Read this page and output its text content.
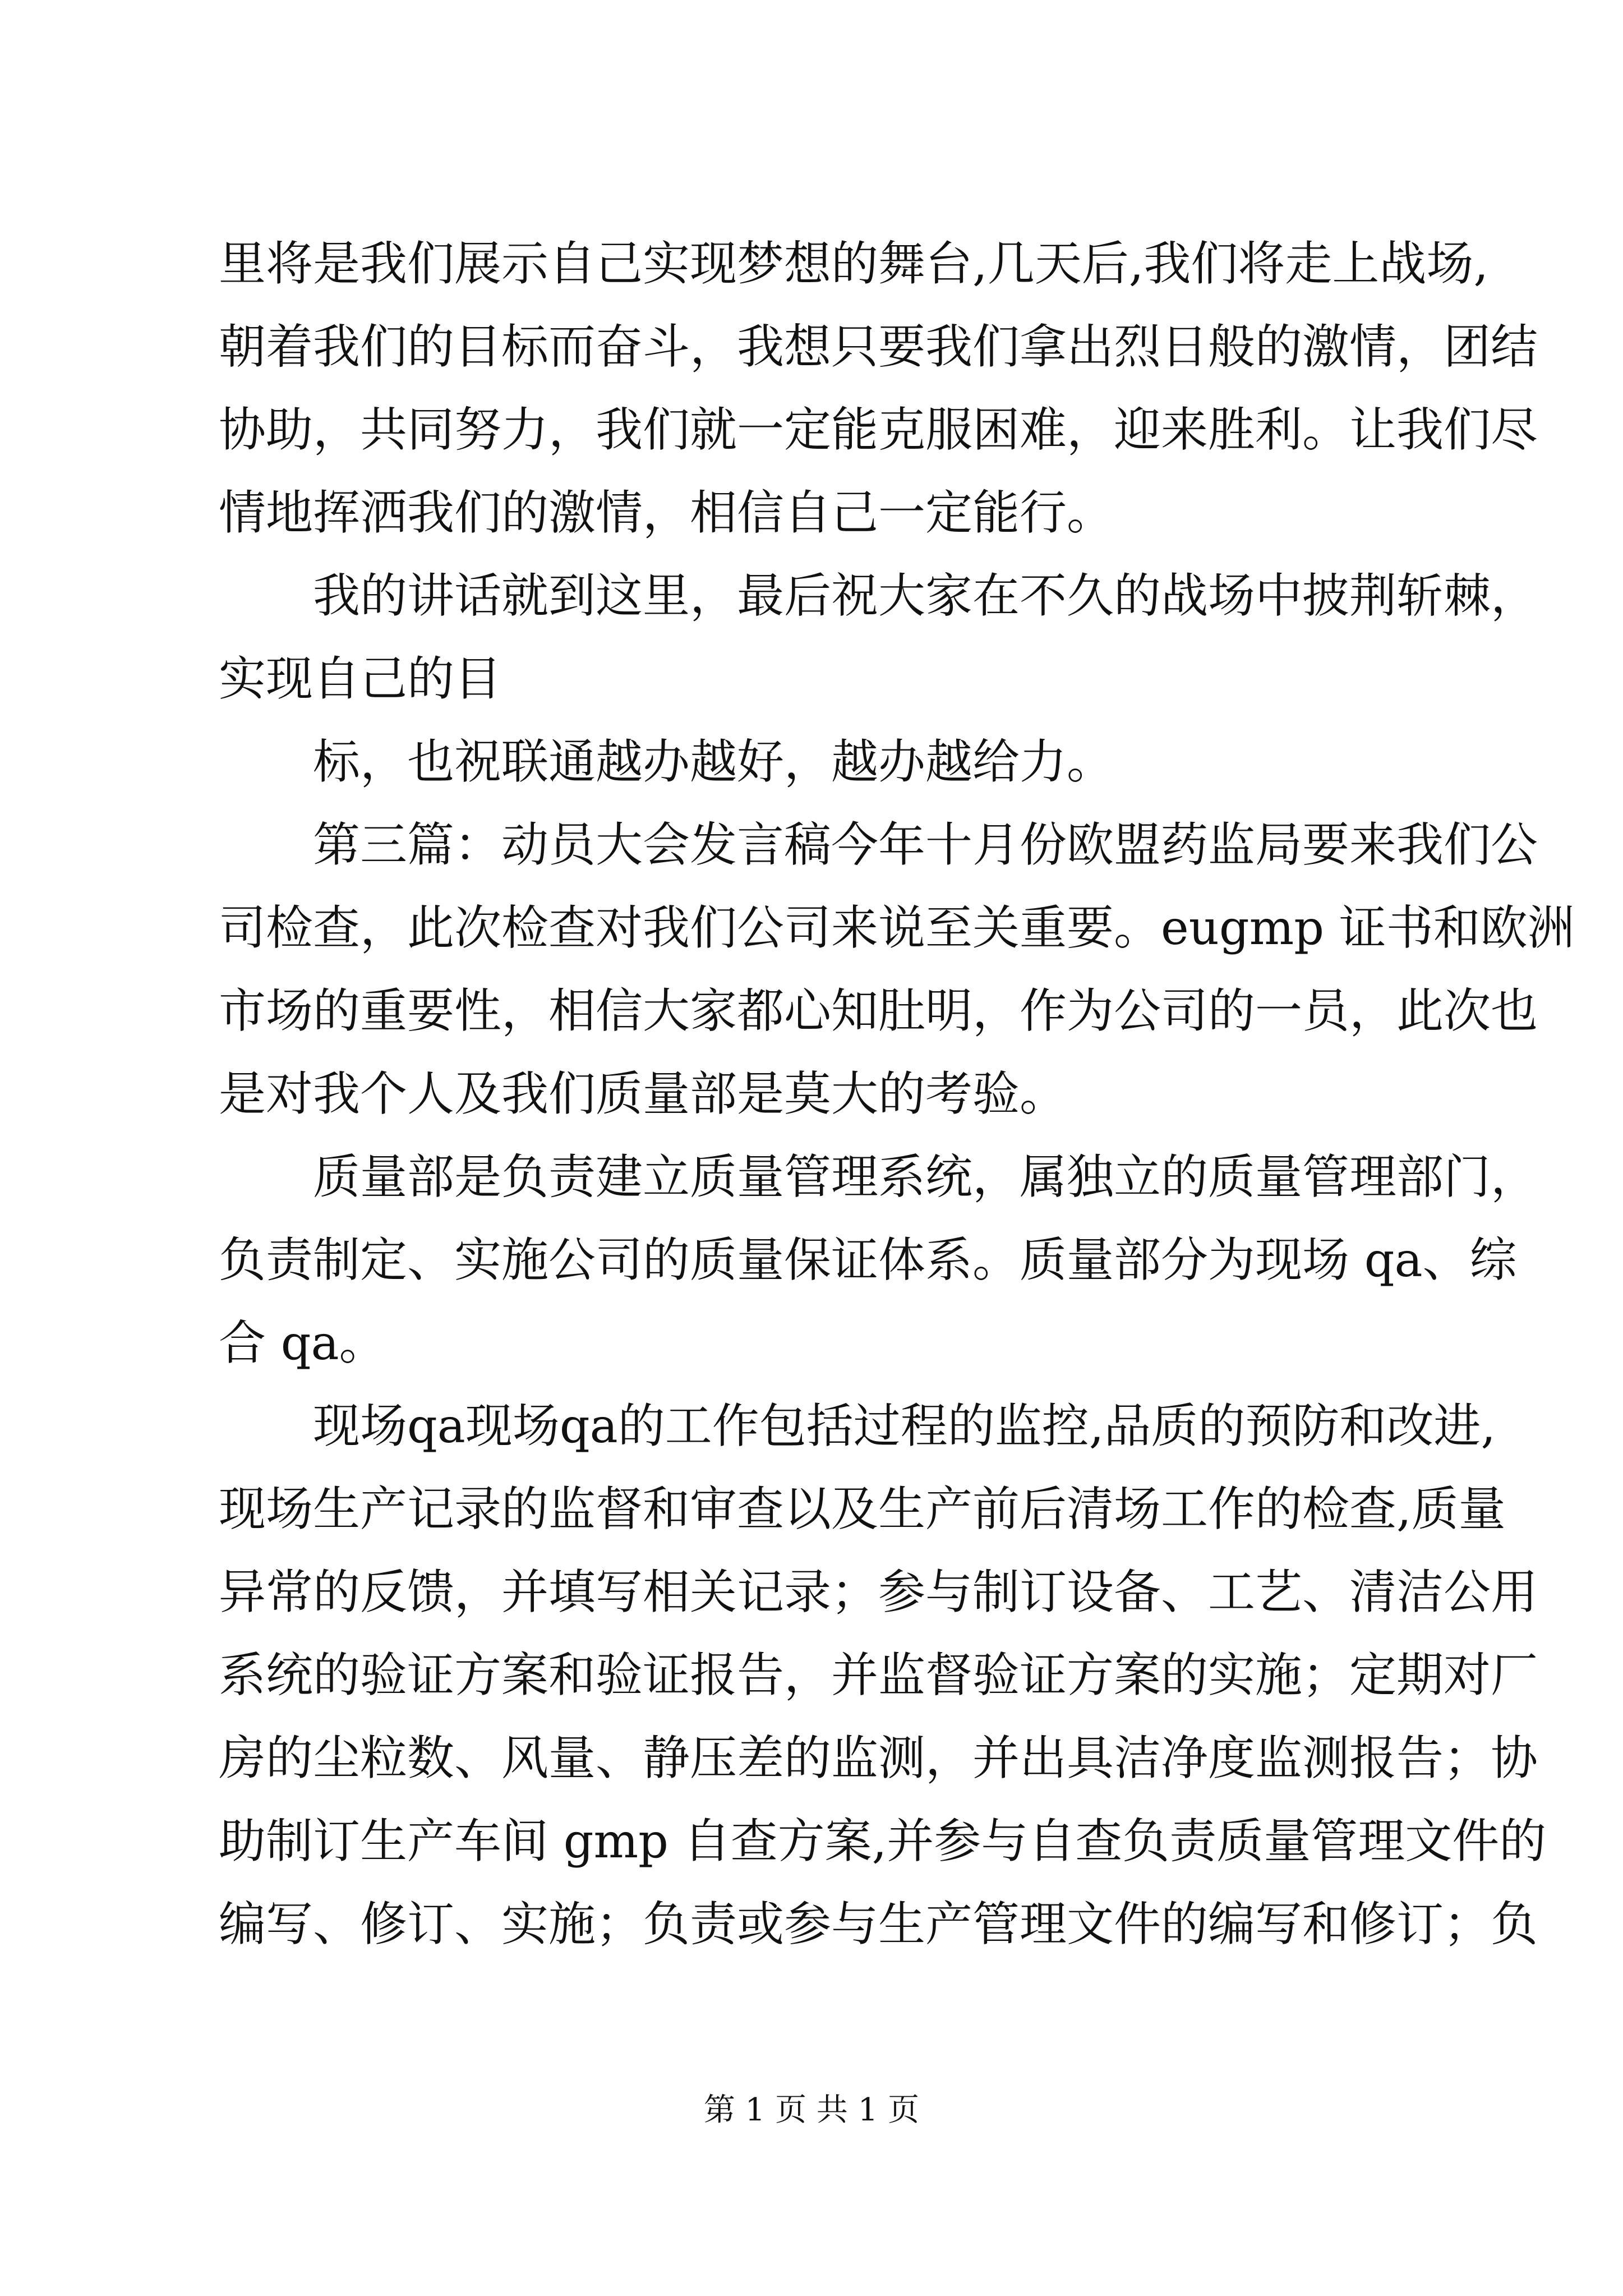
里将是我们展示自己实现梦想的舞台,几天后,我们将走上战场,
朝着我们的目标而奋斗，我想只要我们拿出烈日般的激情，团结
协助，共同努力，我们就一定能克服困难，迎来胜利。让我们尽
情地挥洒我们的激情，相信自己一定能行。
我的讲话就到这里，最后祝大家在不久的战场中披荆斩棘，
实现自己的目
标，也祝联通越办越好，越办越给力。
第三篇：动员大会发言稿今年十月份欧盟药监局要来我们公
司检查，此次检查对我们公司来说至关重要。eugmp 证书和欧洲
市场的重要性，相信大家都心知肚明，作为公司的一员，此次也
是对我个人及我们质量部是莫大的考验。
质量部是负责建立质量管理系统，属独立的质量管理部门，
负责制定、实施公司的质量保证体系。质量部分为现场 qa、综
合 qa。
现场qa现场qa的工作包括过程的监控,品质的预防和改进,
现场生产记录的监督和审查以及生产前后清场工作的检查,质量
异常的反馈，并填写相关记录；参与制订设备、工艺、清洁公用
系统的验证方案和验证报告，并监督验证方案的实施；定期对厂
房的尘粒数、风量、静压差的监测，并出具洁净度监测报告；协
助制订生产车间 gmp 自查方案,并参与自查负责质量管理文件的
编写、修订、实施；负责或参与生产管理文件的编写和修订；负
第 1 页 共 1 页
